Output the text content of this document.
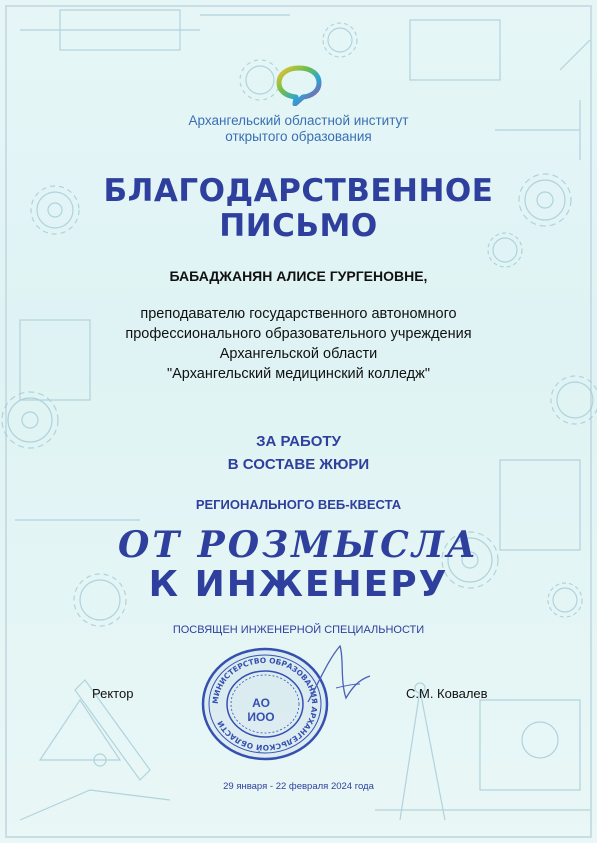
Архангельский областной институт
открытого образования
БЛАГОДАРСТВЕННОЕ
ПИСЬМО
БАБАДЖАНЯН АЛИСЕ ГУРГЕНОВНЕ,
преподавателю государственного автономного
профессионального образовательного учреждения
Архангельской области
"Архангельский медицинский колледж"
ЗА РАБОТУ
В СОСТАВЕ ЖЮРИ
РЕГИОНАЛЬНОГО ВЕБ-КВЕСТА
ОТ РОЗМЫСЛА
К ИНЖЕНЕРУ
ПОСВЯЩЕН ИНЖЕНЕРНОЙ СПЕЦИАЛЬНОСТИ
Ректор	С.М. Ковалев
МИНИСТЕРСТВО ОБРАЗОВАНИЯ АРХАНГЕЛЬСКОЙ ОБЛАСТИ
АО ИОО
29 января - 22 февраля 2024 года
